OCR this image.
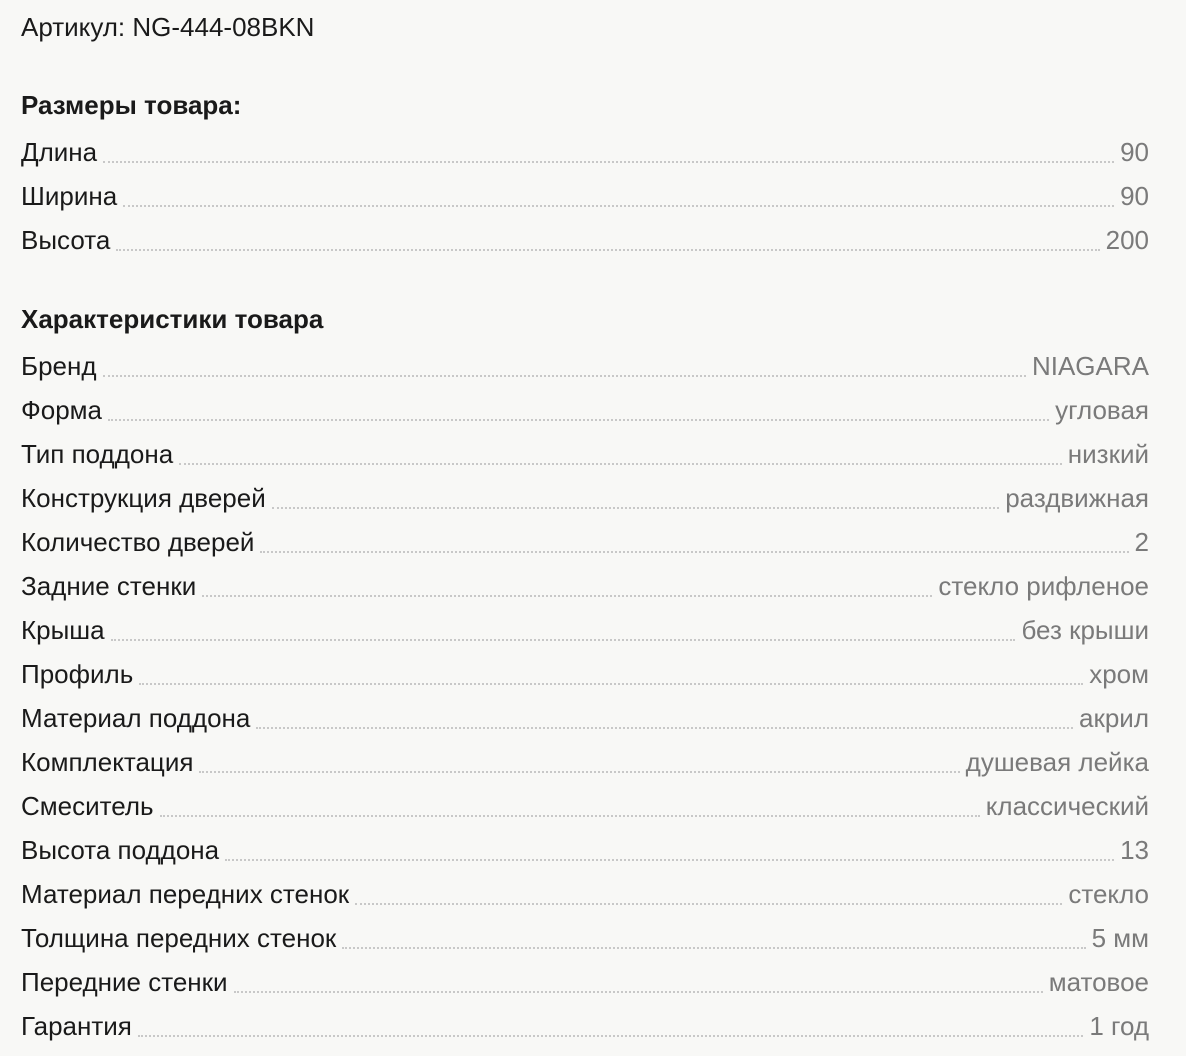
Артикул: NG-444-08BKN
Размеры товара:
Длина	90
Ширина	90
Высота	200
Характеристики товара
Бренд	NIAGARA
Форма	угловая
Тип поддона	низкий
Конструкция дверей	раздвижная
Количество дверей	2
Задние стенки	стекло рифленое
Крыша	без крыши
Профиль	хром
Материал поддона	акрил
Комплектация	душевая лейка
Смеситель	классический
Высота поддона	13
Материал передних стенок	стекло
Толщина передних стенок	5 мм
Передние стенки	матовое
Гарантия	1 год
